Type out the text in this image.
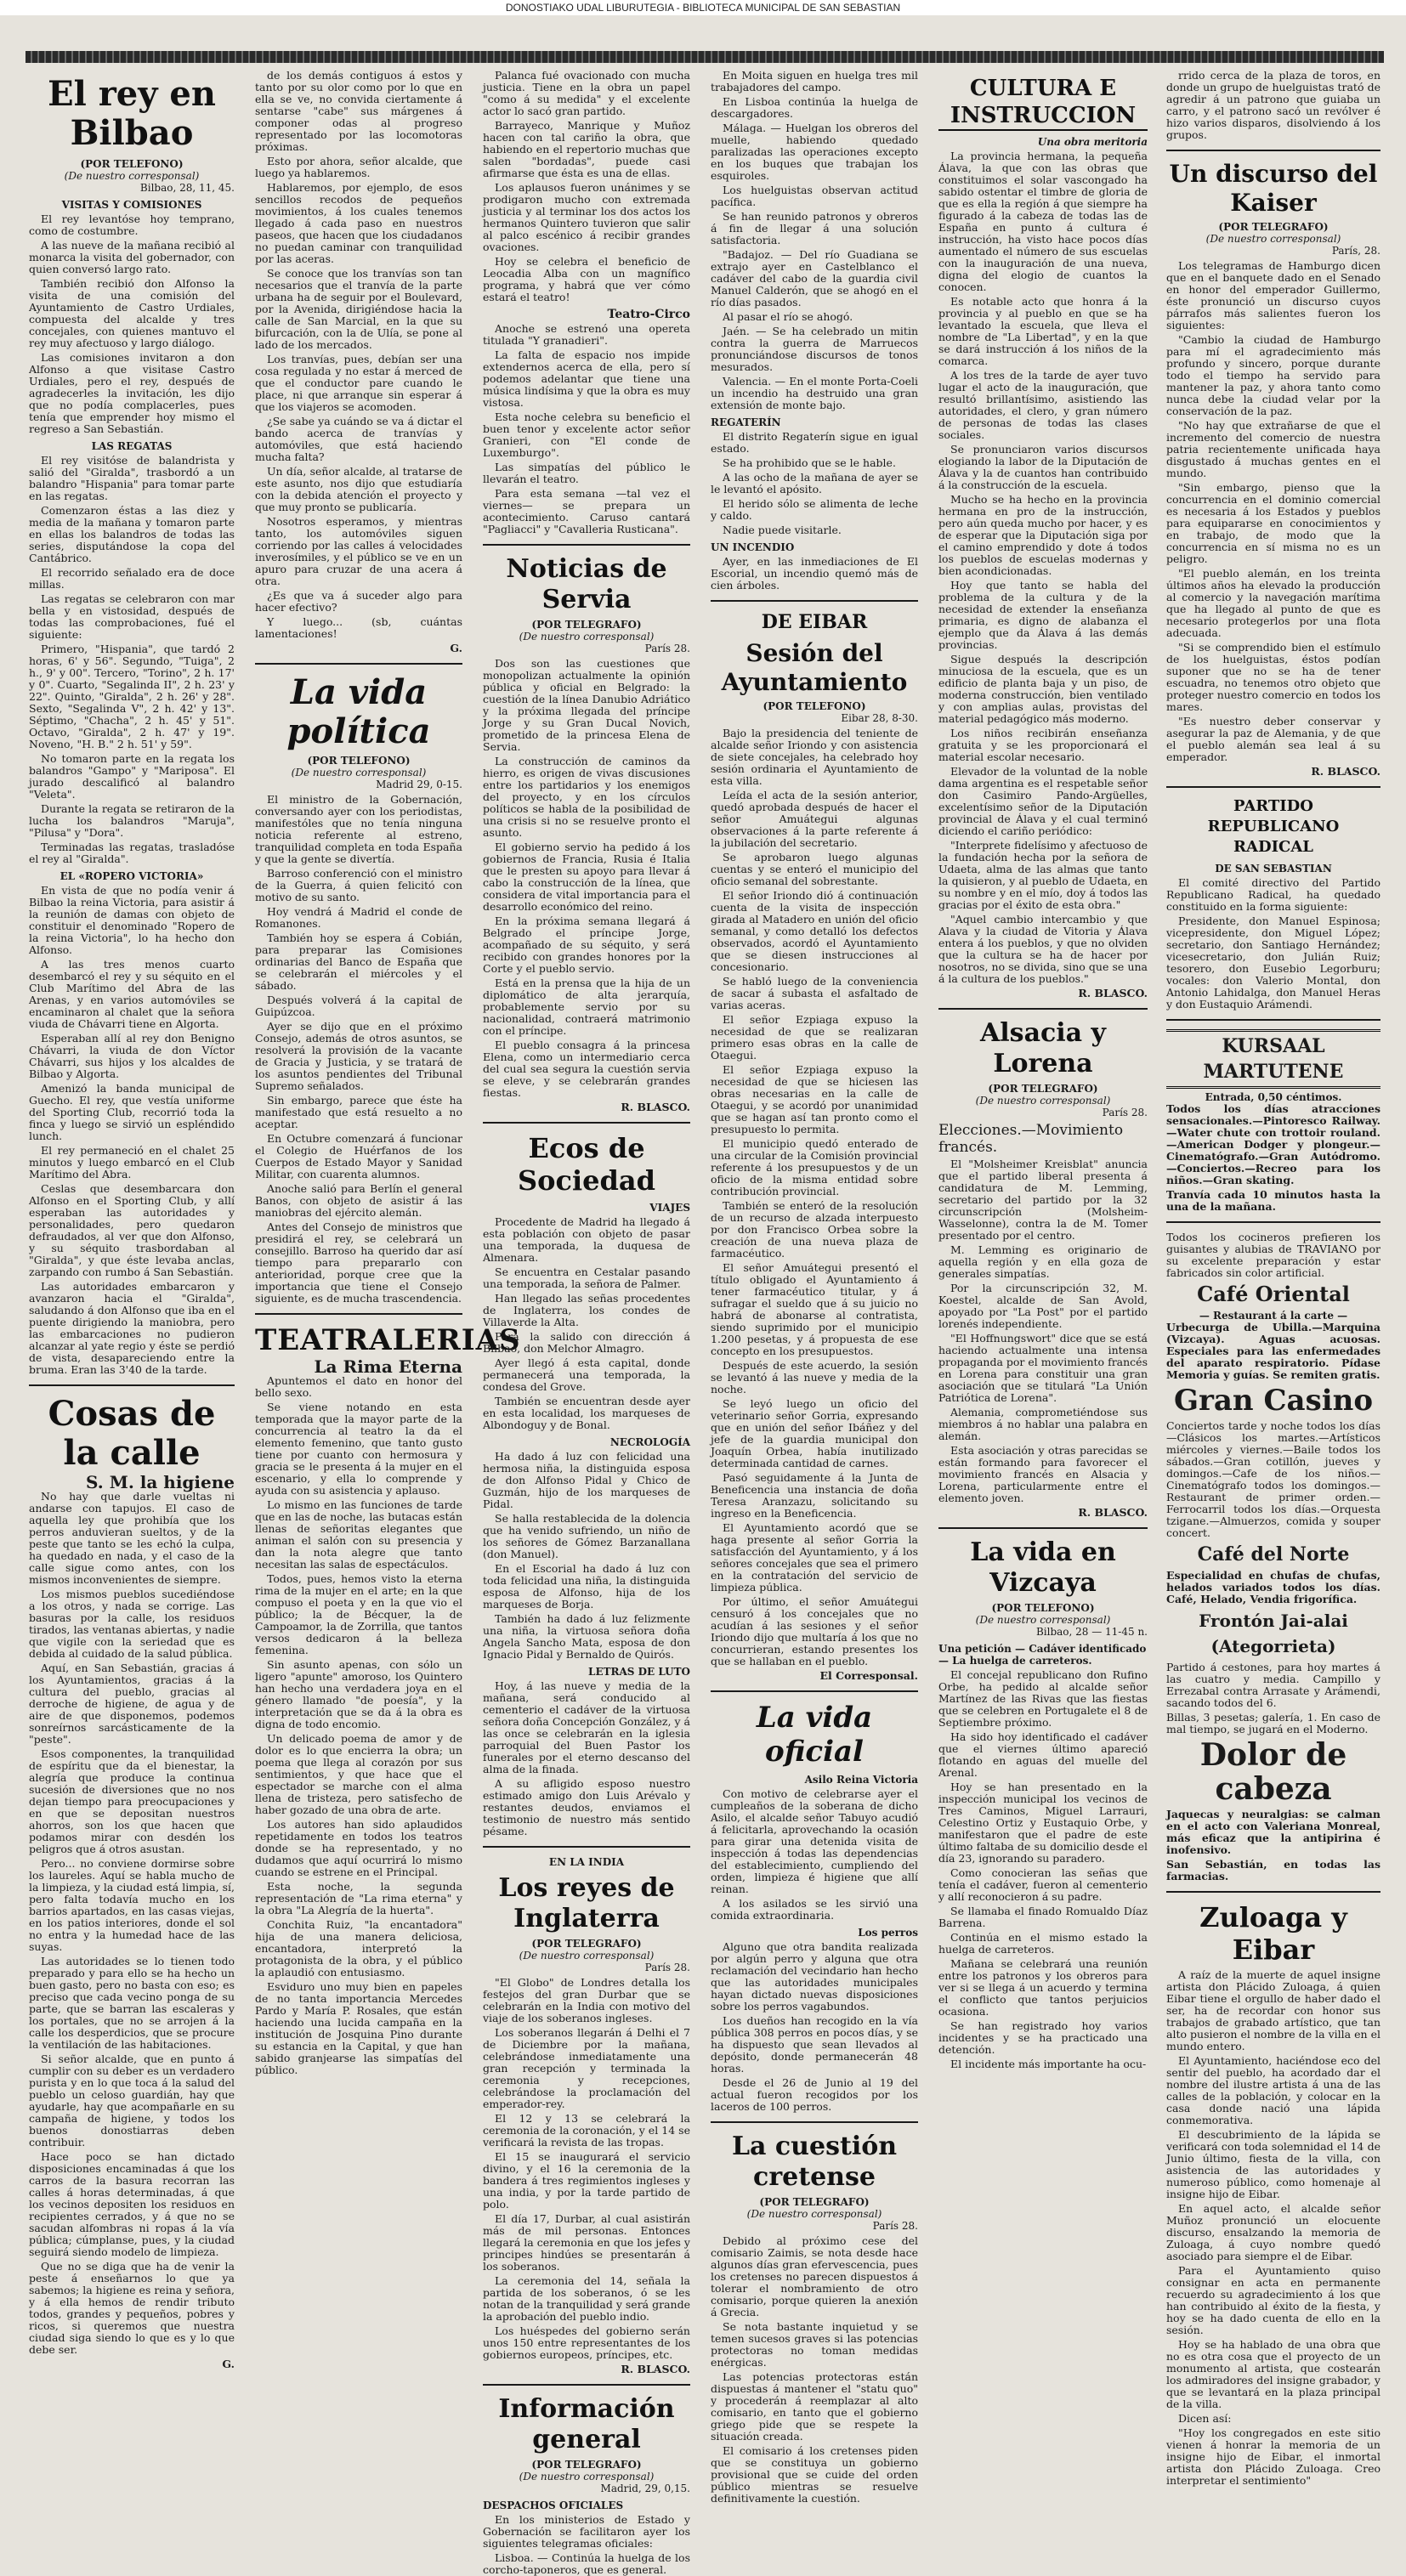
DONOSTIAKO UDAL LIBURUTEGIA - BIBLIOTECA MUNICIPAL DE SAN SEBASTIAN
El rey en Bilbao

(POR TELEFONO)

(De nuestro corresponsal)

Bilbao, 28, 11, 45.

VISITAS Y COMISIONES

El rey levantóse hoy temprano, como de costumbre.

A las nueve de la mañana recibió al monarca la visita del gobernador, con quien conversó largo rato.

También recibió don Alfonso la visita de una comisión del Ayuntamiento de Castro Urdiales, compuesta del alcalde y tres concejales, con quienes mantuvo el rey muy afectuoso y largo diálogo.

Las comisiones invitaron a don Alfonso a que visitase Castro Urdiales, pero el rey, después de agradecerles la invitación, les dijo que no podía complacerles, pues tenía que emprender hoy mismo el regreso a San Sebastián.

LAS REGATAS

El rey visitóse de balandrista y salió del "Giralda", trasbordó a un balandro "Hispania" para tomar parte en las regatas.

Comenzaron éstas a las diez y media de la mañana y tomaron parte en ellas los balandros de todas las series, disputándose la copa del Cantábrico.

El recorrido señalado era de doce millas.

Las regatas se celebraron con mar bella y en vistosidad, después de todas las comprobaciones, fué el siguiente:

Primero, "Hispania", que tardó 2 horas, 6' y 56". Segundo, "Tuiga", 2 h., 9' y 00". Tercero, "Torino", 2 h. 17' y 0". Cuarto, "Segalinda II", 2 h. 23' y 22". Quinto, "Giralda", 2 h. 26' y 28". Sexto, "Segalinda V", 2 h. 42' y 13". Séptimo, "Chacha", 2 h. 45' y 51". Octavo, "Giralda", 2 h. 47' y 19". Noveno, "H. B." 2 h. 51' y 59".

No tomaron parte en la regata los balandros "Gampo" y "Mariposa". El jurado descalificó al balandro "Veleta".

Durante la regata se retiraron de la lucha los balandros "Maruja", "Pilusa" y "Dora".

Terminadas las regatas, trasladóse el rey al "Giralda".

EL «ROPERO VICTORIA»

En vista de que no podía venir á Bilbao la reina Victoria, para asistir á la reunión de damas con objeto de constituir el denominado "Ropero de la reina Victoria", lo ha hecho don Alfonso.

A las tres menos cuarto desembarcó el rey y su séquito en el Club Marítimo del Abra de las Arenas, y en varios automóviles se encaminaron al chalet que la señora viuda de Chávarri tiene en Algorta.

Esperaban allí al rey don Benigno Chávarri, la viuda de don Víctor Chávarri, sus hijos y los alcaldes de Bilbao y Algorta.

Amenizó la banda municipal de Guecho. El rey, que vestía uniforme del Sporting Club, recorrió toda la finca y luego se sirvió un espléndido lunch.

El rey permaneció en el chalet 25 minutos y luego embarcó en el Club Marítimo del Abra.

Ceslas que desembarcara don Alfonso en el Sporting Club, y allí esperaban las autoridades y personalidades, pero quedaron defraudados, al ver que don Alfonso, y su séquito trasbordaban al "Giralda", y que éste levaba anclas, zarpando con rumbo á San Sebastián.

Las autoridades embarcaron y avanzaron hacia el "Giralda", saludando á don Alfonso que iba en el puente dirigiendo la maniobra, pero las embarcaciones no pudieron alcanzar al yate regio y éste se perdió de vista, desapareciendo entre la bruma. Eran las 3'40 de la tarde.

Cosas de la calle

S. M. la higiene

No hay que darle vueltas ni andarse con tapujos. El caso de aquella ley que prohibía que los perros anduvieran sueltos, y de la peste que tanto se les echó la culpa, ha quedado en nada, y el caso de la calle sigue como antes, con los mismos inconvenientes de siempre.

Los mismos pueblos sucediéndose a los otros, y nada se corrige. Las basuras por la calle, los residuos tirados, las ventanas abiertas, y nadie que vigile con la seriedad que es debida al cuidado de la salud pública.

Aquí, en San Sebastián, gracias á los Ayuntamientos, gracias á la cultura del pueblo, gracias al derroche de higiene, de agua y de aire de que disponemos, podemos sonreírnos sarcásticamente de la "peste".

Esos componentes, la tranquilidad de espíritu que da el bienestar, la alegría que produce la continua sucesión de diversiones que no nos dejan tiempo para preocupaciones y en que se depositan nuestros ahorros, son los que hacen que podamos mirar con desdén los peligros que á otros asustan.

Pero... no conviene dormirse sobre los laureles. Aquí se habla mucho de la limpieza, y la ciudad está limpia, sí, pero falta todavía mucho en los barrios apartados, en las casas viejas, en los patios interiores, donde el sol no entra y la humedad hace de las suyas.

Las autoridades se lo tienen todo preparado y para ello se ha hecho un buen gasto, pero no basta con eso; es preciso que cada vecino ponga de su parte, que se barran las escaleras y los portales, que no se arrojen á la calle los desperdicios, que se procure la ventilación de las habitaciones.

Si señor alcalde, que en punto á cumplir con su deber es un verdadero purista y en lo que toca á la salud del pueblo un celoso guardián, hay que ayudarle, hay que acompañarle en su campaña de higiene, y todos los buenos donostiarras deben contribuir.

Hace poco se han dictado disposiciones encaminadas á que los carros de la basura recorran las calles á horas determinadas, á que los vecinos depositen los residuos en recipientes cerrados, y á que no se sacudan alfombras ni ropas á la vía pública; cúmplanse, pues, y la ciudad seguirá siendo modelo de limpieza.

Que no se diga que ha de venir la peste á enseñarnos lo que ya sabemos; la higiene es reina y señora, y á ella hemos de rendir tributo todos, grandes y pequeños, pobres y ricos, si queremos que nuestra ciudad siga siendo lo que es y lo que debe ser.

G.

de los demás contiguos á estos y tanto por su olor como por lo que en ella se ve, no convida ciertamente á sentarse "cabe" sus márgenes á componer odas al progreso representado por las locomotoras próximas.

Esto por ahora, señor alcalde, que luego ya hablaremos.

Hablaremos, por ejemplo, de esos sencillos recodos de pequeños movimientos, á los cuales tenemos llegado á cada paso en nuestros paseos, que hacen que los ciudadanos no puedan caminar con tranquilidad por las aceras.

Se conoce que los tranvías son tan necesarios que el tranvía de la parte urbana ha de seguir por el Boulevard, por la Avenida, dirigiéndose hacia la calle de San Marcial, en la que su bifurcación, con la de Ulía, se pone al lado de los mercados.

Los tranvías, pues, debían ser una cosa regulada y no estar á merced de que el conductor pare cuando le place, ni que arranque sin esperar á que los viajeros se acomoden.

¿Se sabe ya cuándo se va á dictar el bando acerca de tranvías y automóviles, que está haciendo mucha falta?

Un día, señor alcalde, al tratarse de este asunto, nos dijo que estudiaría con la debida atención el proyecto y que muy pronto se publicaría.

Nosotros esperamos, y mientras tanto, los automóviles siguen corriendo por las calles á velocidades inverosímiles, y el público se ve en un apuro para cruzar de una acera á otra.

¿Es que va á suceder algo para hacer efectivo?

Y luego... (sb, cuántas lamentaciones!

G.

La vida política

(POR TELEFONO)

(De nuestro corresponsal)

Madrid 29, 0-15.

El ministro de la Gobernación, conversando ayer con los periodistas, manifestóles que no tenía ninguna noticia referente al estreno, tranquilidad completa en toda España y que la gente se divertía.

Barroso conferenció con el ministro de la Guerra, á quien felicitó con motivo de su santo.

Hoy vendrá á Madrid el conde de Romanones.

También hoy se espera á Cobián, para preparar las Comisiones ordinarias del Banco de España que se celebrarán el miércoles y el sábado.

Después volverá á la capital de Guipúzcoa.

Ayer se dijo que en el próximo Consejo, además de otros asuntos, se resolverá la provisión de la vacante de Gracia y Justicia, y se tratará de los asuntos pendientes del Tribunal Supremo señalados.

Sin embargo, parece que éste ha manifestado que está resuelto a no aceptar.

En Octubre comenzará á funcionar el Colegio de Huérfanos de los Cuerpos de Estado Mayor y Sanidad Militar, con cuarenta alumnos.

Anoche salió para Berlín el general Banos, con objeto de asistir á las maniobras del ejército alemán.

Antes del Consejo de ministros que presidirá el rey, se celebrará un consejillo. Barroso ha querido dar así tiempo para prepararlo con anterioridad, porque cree que la importancia que tiene el Consejo siguiente, es de mucha trascendencia.

TEATRALERIAS

La Rima Eterna

Apuntemos el dato en honor del bello sexo.

Se viene notando en esta temporada que la mayor parte de la concurrencia al teatro la da el elemento femenino, que tanto gusto tiene por cuanto con hermosura y gracia se le presenta á la mujer en el escenario, y ella lo comprende y ayuda con su asistencia y aplauso.

Lo mismo en las funciones de tarde que en las de noche, las butacas están llenas de señoritas elegantes que animan el salón con su presencia y dan la nota alegre que tanto necesitan las salas de espectáculos.

Todos, pues, hemos visto la eterna rima de la mujer en el arte; en la que compuso el poeta y en la que vio el público; la de Bécquer, la de Campoamor, la de Zorrilla, que tantos versos dedicaron á la belleza femenina.

Sin asunto apenas, con sólo un ligero "apunte" amoroso, los Quintero han hecho una verdadera joya en el género llamado "de poesía", y la interpretación que se da á la obra es digna de todo encomio.

Un delicado poema de amor y de dolor es lo que encierra la obra; un poema que llega al corazón por sus sentimientos, y que hace que el espectador se marche con el alma llena de tristeza, pero satisfecho de haber gozado de una obra de arte.

Los autores han sido aplaudidos repetidamente en todos los teatros donde se ha representado, y no dudamos que aquí ocurrirá lo mismo cuando se estrene en el Principal.

Esta noche, la segunda representación de "La rima eterna" y la obra "La Alegría de la huerta".

Conchita Ruiz, "la encantadora" hija de una manera deliciosa, encantadora, interpretó la protagonista de la obra, y el público la aplaudió con entusiasmo.

Esviduro uno muy bien en papeles de no tanta importancia Mercedes Pardo y María P. Rosales, que están haciendo una lucida campaña en la institución de Josquina Pino durante su estancia en la Capital, y que han sabido granjearse las simpatías del público.

Palanca fué ovacionado con mucha justicia. Tiene en la obra un papel "como á su medida" y el excelente actor lo sacó gran partido.

Barrayeco, Manrique y Muñoz hacen con tal cariño la obra, que habiendo en el repertorio muchas que salen "bordadas", puede casi afirmarse que ésta es una de ellas.

Los aplausos fueron unánimes y se prodigaron mucho con extremada justicia y al terminar los dos actos los hermanos Quintero tuvieron que salir al palco escénico á recibir grandes ovaciones.

Hoy se celebra el beneficio de Leocadia Alba con un magnífico programa, y habrá que ver cómo estará el teatro!

Teatro-Circo

Anoche se estrenó una opereta titulada "Y granadieri".

La falta de espacio nos impide extendernos acerca de ella, pero sí podemos adelantar que tiene una música lindísima y que la obra es muy vistosa.

Esta noche celebra su beneficio el buen tenor y excelente actor señor Granieri, con "El conde de Luxemburgo".

Las simpatías del público le llevarán el teatro.

Para esta semana —tal vez el viernes— se prepara un acontecimiento. Caruso cantará "Pagliacci" y "Cavalleria Rusticana".

Noticias de Servia

(POR TELEGRAFO)

(De nuestro corresponsal)

París 28.

Dos son las cuestiones que monopolizan actualmente la opinión pública y oficial en Belgrado: la cuestión de la línea Danubio Adriático y la próxima llegada del príncipe Jorge y su Gran Ducal Novich, prometido de la princesa Elena de Servia.

La construcción de caminos da hierro, es origen de vivas discusiones entre los partidarios y los enemigos del proyecto, y en los círculos políticos se habla de la posibilidad de una crisis si no se resuelve pronto el asunto.

El gobierno servio ha pedido á los gobiernos de Francia, Rusia é Italia que le presten su apoyo para llevar á cabo la construcción de la línea, que considera de vital importancia para el desarrollo económico del reino.

En la próxima semana llegará á Belgrado el príncipe Jorge, acompañado de su séquito, y será recibido con grandes honores por la Corte y el pueblo servio.

Está en la prensa que la hija de un diplomático de alta jerarquía, probablemente servio por su nacionalidad, contraerá matrimonio con el príncipe.

El pueblo consagra á la princesa Elena, como un intermediario cerca del cual sea segura la cuestión servia se eleve, y se celebrarán grandes fiestas.

R. BLASCO.

Ecos de Sociedad

VIAJES

Procedente de Madrid ha llegado á esta población con objeto de pasar una temporada, la duquesa de Almenara.

Se encuentra en Cestalar pasando una temporada, la señora de Palmer.

Han llegado las señas procedentes de Inglaterra, los condes de Villaverde la Alta.

Para la salido con dirección á Bilbao, don Melchor Almagro.

Ayer llegó á esta capital, donde permanecerá una temporada, la condesa del Grove.

También se encuentran desde ayer en esta localidad, los marqueses de Albondoguy y de Bonal.

NECROLOGÍA

Ha dado á luz con felicidad una hermosa niña, la distinguida esposa de don Alfonso Pidal y Chico de Guzmán, hijo de los marqueses de Pidal.

Se halla restablecida de la dolencia que ha venido sufriendo, un niño de los señores de Gómez Barzanallana (don Manuel).

En el Escorial ha dado á luz con toda felicidad una niña, la distinguida esposa de Alfonso, hija de los marqueses de Borja.

También ha dado á luz felizmente una niña, la virtuosa señora doña Angela Sancho Mata, esposa de don Ignacio Pidal y Bernaldo de Quirós.

LETRAS DE LUTO

Hoy, á las nueve y media de la mañana, será conducido al cementerio el cadáver de la virtuosa señora doña Concepción González, y á las once se celebrarán en la iglesia parroquial del Buen Pastor los funerales por el eterno descanso del alma de la finada.

A su afligido esposo nuestro estimado amigo don Luis Arévalo y restantes deudos, enviamos el testimonio de nuestro más sentido pésame.

EN LA INDIA

Los reyes de Inglaterra

(POR TELEGRAFO)

(De nuestro corresponsal)

París 28.

"El Globo" de Londres detalla los festejos del gran Durbar que se celebrarán en la India con motivo del viaje de los soberanos ingleses.

Los soberanos llegarán á Delhi el 7 de Diciembre por la mañana, celebrándose inmediatamente una gran recepción y terminada la ceremonia y recepciones, celebrándose la proclamación del emperador-rey.

El 12 y 13 se celebrará la ceremonia de la coronación, y el 14 se verificará la revista de las tropas.

El 15 se inaugurará el servicio divino, y el 16 la ceremonia de la bandera á tres regimientos ingleses y una india, y por la tarde partido de polo.

El día 17, Durbar, al cual asistirán más de mil personas. Entonces llegará la ceremonia en que los jefes y principes hindúes se presentarán á los soberanos.

La ceremonia del 14, señala la partida de los soberanos, ó se les notan de la tranquilidad y será grande la aprobación del pueblo indio.

Los huéspedes del gobierno serán unos 150 entre representantes de los gobiernos europeos, príncipes, etc.

R. BLASCO.

Información general

(POR TELEGRAFO)

(De nuestro corresponsal)

Madrid, 29, 0,15.

DESPACHOS OFICIALES

En los ministerios de Estado y Gobernación se facilitaron ayer los siguientes telegramas oficiales:

Lisboa. — Continúa la huelga de los corcho-taponeros, que es general.

En Moita siguen en huelga tres mil trabajadores del campo.

En Lisboa continúa la huelga de descargadores.

Málaga. — Huelgan los obreros del muelle, habiendo quedado paralizadas las operaciones excepto en los buques que trabajan los esquiroles.

Los huelguistas observan actitud pacífica.

Se han reunido patronos y obreros á fin de llegar á una solución satisfactoria.

"Badajoz. — Del río Guadiana se extrajo ayer en Castelblanco el cadáver del cabo de la guardia civil Manuel Calderón, que se ahogó en el río días pasados.

Al pasar el río se ahogó.

Jaén. — Se ha celebrado un mitin contra la guerra de Marruecos pronunciándose discursos de tonos mesurados.

Valencia. — En el monte Porta-Coeli un incendio ha destruido una gran extensión de monte bajo.

REGATERÍN

El distrito Regaterín sigue en igual estado.

Se ha prohibido que se le hable.

A las ocho de la mañana de ayer se le levantó el apósito.

El herido sólo se alimenta de leche y caldo.

Nadie puede visitarle.

UN INCENDIO

Ayer, en las inmediaciones de El Escorial, un incendio quemó más de cien árboles.

DE EIBAR
Sesión del Ayuntamiento

(POR TELEFONO)

Eibar 28, 8-30.

Bajo la presidencia del teniente de alcalde señor Iriondo y con asistencia de siete concejales, ha celebrado hoy sesión ordinaria el Ayuntamiento de esta villa.

Leída el acta de la sesión anterior, quedó aprobada después de hacer el señor Amuátegui algunas observaciones á la parte referente á la jubilación del secretario.

Se aprobaron luego algunas cuentas y se enteró el municipio del oficio semanal del sobrestante.

El señor Iriondo dió á continuación cuenta de la visita de inspección girada al Matadero en unión del oficio semanal, y como detalló los defectos observados, acordó el Ayuntamiento que se diesen instrucciones al concesionario.

Se habló luego de la conveniencia de sacar á subasta el asfaltado de varias aceras.

El señor Ezpiaga expuso la necesidad de que se realizaran primero esas obras en la calle de Otaegui.

El señor Ezpiaga expuso la necesidad de que se hiciesen las obras necesarias en la calle de Otaegui, y se acordó por unanimidad que se hagan así tan pronto como el presupuesto lo permita.

El municipio quedó enterado de una circular de la Comisión provincial referente á los presupuestos y de un oficio de la misma entidad sobre contribución provincial.

También se enteró de la resolución de un recurso de alzada interpuesto por don Francisco Orbea sobre la creación de una nueva plaza de farmacéutico.

El señor Amuátegui presentó el título obligado el Ayuntamiento á tener farmacéutico titular, y á sufragar el sueldo que á su juicio no habrá de abonarse al contratista, siendo suprimido por el municipio 1.200 pesetas, y á propuesta de ese concepto en los presupuestos.

Después de este acuerdo, la sesión se levantó á las nueve y media de la noche.

Se leyó luego un oficio del veterinario señor Gorria, expresando que en unión del señor Ibáñez y del jefe de la guardia municipal don Joaquín Orbea, había inutilizado determinada cantidad de carnes.

Pasó seguidamente á la Junta de Beneficencia una instancia de doña Teresa Aranzazu, solicitando su ingreso en la Beneficencia.

El Ayuntamiento acordó que se haga presente al señor Gorria la satisfacción del Ayuntamiento, y á los señores concejales que sea el primero en la contratación del servicio de limpieza pública.

Por último, el señor Amuátegui censuró á los concejales que no acudían á las sesiones y el señor Iriondo dijo que multaría á los que no concurrieran, estando presentes los que se hallaban en el pueblo.

El Corresponsal.

La vida oficial

Asilo Reina Victoria

Con motivo de celebrarse ayer el cumpleaños de la soberana de dicho Asilo, el alcalde señor Tabuyo acudió á felicitarla, aprovechando la ocasión para girar una detenida visita de inspección á todas las dependencias del establecimiento, cumpliendo del orden, limpieza é higiene que allí reinan.

A los asilados se les sirvió una comida extraordinaria.

Los perros

Alguno que otra bandita realizada por algún perro y alguna que otra reclamación del vecindario han hecho que las autoridades municipales hayan dictado nuevas disposiciones sobre los perros vagabundos.

Los dueños han recogido en la vía pública 308 perros en pocos días, y se ha dispuesto que sean llevados al depósito, donde permanecerán 48 horas.

Desde el 26 de Junio al 19 del actual fueron recogidos por los laceros de 100 perros.

La cuestión cretense

(POR TELEGRAFO)

(De nuestro corresponsal)

París 28.

Debido al próximo cese del comisario Zaimis, se nota desde hace algunos días gran efervescencia, pues los cretenses no parecen dispuestos á tolerar el nombramiento de otro comisario, porque quieren la anexión á Grecia.

Se nota bastante inquietud y se temen sucesos graves si las potencias protectoras no toman medidas enérgicas.

Las potencias protectoras están dispuestas á mantener el "statu quo" y procederán á reemplazar al alto comisario, en tanto que el gobierno griego pide que se respete la situación creada.

El comisario á los cretenses piden que se constituya un gobierno provisional que se cuide del orden público mientras se resuelve definitivamente la cuestión.

CULTURA E INSTRUCCION

Una obra meritoria

La provincia hermana, la pequeña Álava, la que con las obras que constituimos el solar vascongado ha sabido ostentar el timbre de gloria de que es ella la región á que siempre ha figurado á la cabeza de todas las de España en punto á cultura é instrucción, ha visto hace pocos días aumentado el número de sus escuelas con la inauguración de una nueva, digna del elogio de cuantos la conocen.

Es notable acto que honra á la provincia y al pueblo en que se ha levantado la escuela, que lleva el nombre de "La Libertad", y en la que se dará instrucción á los niños de la comarca.

A los tres de la tarde de ayer tuvo lugar el acto de la inauguración, que resultó brillantísimo, asistiendo las autoridades, el clero, y gran número de personas de todas las clases sociales.

Se pronunciaron varios discursos elogiando la labor de la Diputación de Álava y la de cuantos han contribuido á la construcción de la escuela.

Mucho se ha hecho en la provincia hermana en pro de la instrucción, pero aún queda mucho por hacer, y es de esperar que la Diputación siga por el camino emprendido y dote á todos los pueblos de escuelas modernas y bien acondicionadas.

Hoy que tanto se habla del problema de la cultura y de la necesidad de extender la enseñanza primaria, es digno de alabanza el ejemplo que da Álava á las demás provincias.

Sigue después la descripción minuciosa de la escuela, que es un edificio de planta baja y un piso, de moderna construcción, bien ventilado y con amplias aulas, provistas del material pedagógico más moderno.

Los niños recibirán enseñanza gratuita y se les proporcionará el material escolar necesario.

Elevador de la voluntad de la noble dama argentina es el respetable señor don Casimiro Pando-Argüelles, excelentísimo señor de la Diputación provincial de Álava y el cual terminó diciendo el cariño periódico:

"Interprete fidelísimo y afectuoso de la fundación hecha por la señora de Udaeta, alma de las almas que tanto la quisieron, y al pueblo de Udaeta, en su nombre y en el mío, doy á todos las gracias por el éxito de esta obra."

"Aquel cambio intercambio y que Alava y la ciudad de Vitoria y Álava entera á los pueblos, y que no olviden que la cultura se ha de hacer por nosotros, no se divida, sino que se una á la cultura de los pueblos."

R. BLASCO.

Alsacia y Lorena

(POR TELEGRAFO)

(De nuestro corresponsal)

París 28.

Elecciones.—Movimiento francés.

El "Molsheimer Kreisblat" anuncia que el partido liberal presenta á candidatura de M. Lemming, secretario del partido por la 32 circunscripción (Molsheim-Wasselonne), contra la de M. Tomer presentado por el centro.

M. Lemming es originario de aquella región y en ella goza de generales simpatías.

Por la circunscripción 32, M. Koestel, alcalde de San Avold, apoyado por "La Post" por el partido lorenés independiente.

"El Hoffnungswort" dice que se está haciendo actualmente una intensa propaganda por el movimiento francés en Lorena para constituir una gran asociación que se titulará "La Unión Patriótica de Lorena".

Alemania, comprometiéndose sus miembros á no hablar una palabra en alemán.

Esta asociación y otras parecidas se están formando para favorecer el movimiento francés en Alsacia y Lorena, particularmente entre el elemento joven.

R. BLASCO.

La vida en Vizcaya

(POR TELEFONO)

(De nuestro corresponsal)

Bilbao, 28 — 11-45 n.

Una petición — Cadáver identificado — La huelga de carreteros.

El concejal republicano don Rufino Orbe, ha pedido al alcalde señor Martínez de las Rivas que las fiestas que se celebren en Portugalete el 8 de Septiembre próximo.

Ha sido hoy identificado el cadáver que el viernes último apareció flotando en aguas del muelle del Arenal.

Hoy se han presentado en la inspección municipal los vecinos de Tres Caminos, Miguel Larrauri, Celestino Ortiz y Eustaquio Orbe, y manifestaron que el padre de este último faltaba de su domicilio desde el día 23, ignorando su paradero.

Como conocieran las señas que tenía el cadáver, fueron al cementerio y allí reconocieron á su padre.

Se llamaba el finado Romualdo Díaz Barrena.

Continúa en el mismo estado la huelga de carreteros.

Mañana se celebrará una reunión entre los patronos y los obreros para ver si se llega á un acuerdo y termina el conflicto que tantos perjuicios ocasiona.

Se han registrado hoy varios incidentes y se ha practicado una detención.

El incidente más importante ha ocu-

rrido cerca de la plaza de toros, en donde un grupo de huelguistas trató de agredir á un patrono que guiaba un carro, y el patrono sacó un revólver é hizo varios disparos, disolviendo á los grupos.

Un discurso del Kaiser

(POR TELEGRAFO)

(De nuestro corresponsal)

París, 28.

Los telegramas de Hamburgo dicen que en el banquete dado en el Senado en honor del emperador Guillermo, éste pronunció un discurso cuyos párrafos más salientes fueron los siguientes:

"Cambio la ciudad de Hamburgo para mí el agradecimiento más profundo y sincero, porque durante todo el tiempo ha servido para mantener la paz, y ahora tanto como nunca debe la ciudad velar por la conservación de la paz.

"No hay que extrañarse de que el incremento del comercio de nuestra patria recientemente unificada haya disgustado á muchas gentes en el mundo.

"Sin embargo, pienso que la concurrencia en el dominio comercial es necesaria á los Estados y pueblos para equipararse en conocimientos y en trabajo, de modo que la concurrencia en sí misma no es un peligro.

"El pueblo alemán, en los treinta últimos años ha elevado la producción al comercio y la navegación marítima que ha llegado al punto de que es necesario protegerlos por una flota adecuada.

"Si se comprendido bien el estímulo de los huelguistas, éstos podían suponer que no se ha de tener escuadra, no tenemos otro objeto que proteger nuestro comercio en todos los mares.

"Es nuestro deber conservar y asegurar la paz de Alemania, y de que el pueblo alemán sea leal á su emperador.

R. BLASCO.

PARTIDO REPUBLICANO RADICAL

DE SAN SEBASTIAN

El comité directivo del Partido Republicano Radical, ha quedado constituido en la forma siguiente:

Presidente, don Manuel Espinosa; vicepresidente, don Miguel López; secretario, don Santiago Hernández; vicesecretario, don Julián Ruiz; tesorero, don Eusebio Legorburu; vocales: don Valerio Montal, don Antonio Lahidalga, don Manuel Heras y don Eustaquio Arámendi.

KURSAAL MARTUTENE

Entrada, 0,50 céntimos.

Todos los días atracciones sensacionales.—Pintoresco Railway.—Water chute con trottoir rouland.—American Dodger y plongeur.—Cinematógrafo.—Gran Autódromo.—Conciertos.—Recreo para los niños.—Gran skating.

Tranvía cada 10 minutos hasta la una de la mañana.

Todos los cocineros prefieren los guisantes y alubias de TRAVIANO por su excelente preparación y estar fabricados sin color artificial.

Café Oriental

— Restaurant á la carte —

Urbecurga de Ubilla.—Marquina (Vizcaya). Aguas acuosas. Especiales para las enfermedades del aparato respiratorio. Pídase Memoria y guías. Se remiten gratis.

Gran Casino

Conciertos tarde y noche todos los días —Clásicos los martes.—Artísticos miércoles y viernes.—Baile todos los sábados.—Gran cotillón, jueves y domingos.—Cafe de los niños.—Cinematógrafo todos los domingos.—Restaurant de primer orden.—Ferrocarril todos los días.—Orquesta tzigane.—Almuerzos, comida y souper concert.

Café del Norte

Especialidad en chufas de chufas, helados variados todos los días. Café, Helado, Vendia frigorífica.

Frontón Jai-alai (Ategorrieta)

Partido á cestones, para hoy martes á las cuatro y media. Campillo y Errezabal contra Arrasate y Arámendi, sacando todos del 6.

Billas, 3 pesetas; galería, 1. En caso de mal tiempo, se jugará en el Moderno.

Dolor de cabeza

Jaquecas y neuralgias: se calman en el acto con Valeriana Monreal, más eficaz que la antipirina é inofensivo.

San Sebastián, en todas las farmacias.

Zuloaga y Eibar

A raíz de la muerte de aquel insigne artista don Plácido Zuloaga, á quien Eibar tiene el orgullo de haber dado el ser, ha de recordar con honor sus trabajos de grabado artístico, que tan alto pusieron el nombre de la villa en el mundo entero.

El Ayuntamiento, haciéndose eco del sentir del pueblo, ha acordado dar el nombre del ilustre artista á una de las calles de la población, y colocar en la casa donde nació una lápida conmemorativa.

El descubrimiento de la lápida se verificará con toda solemnidad el 14 de Junio último, fiesta de la villa, con asistencia de las autoridades y numeroso público, como homenaje al insigne hijo de Eibar.

En aquel acto, el alcalde señor Muñoz pronunció un elocuente discurso, ensalzando la memoria de Zuloaga, á cuyo nombre quedó asociado para siempre el de Eibar.

Para el Ayuntamiento quiso consignar en acta en permanente recuerdo su agradecimiento á los que han contribuido al éxito de la fiesta, y hoy se ha dado cuenta de ello en la sesión.

Hoy se ha hablado de una obra que no es otra cosa que el proyecto de un monumento al artista, que costearán los admiradores del insigne grabador, y que se levantará en la plaza principal de la villa.

Dicen así:

"Hoy los congregados en este sitio vienen á honrar la memoria de un insigne hijo de Eibar, el inmortal artista don Plácido Zuloaga. Creo interpretar el sentimiento"
